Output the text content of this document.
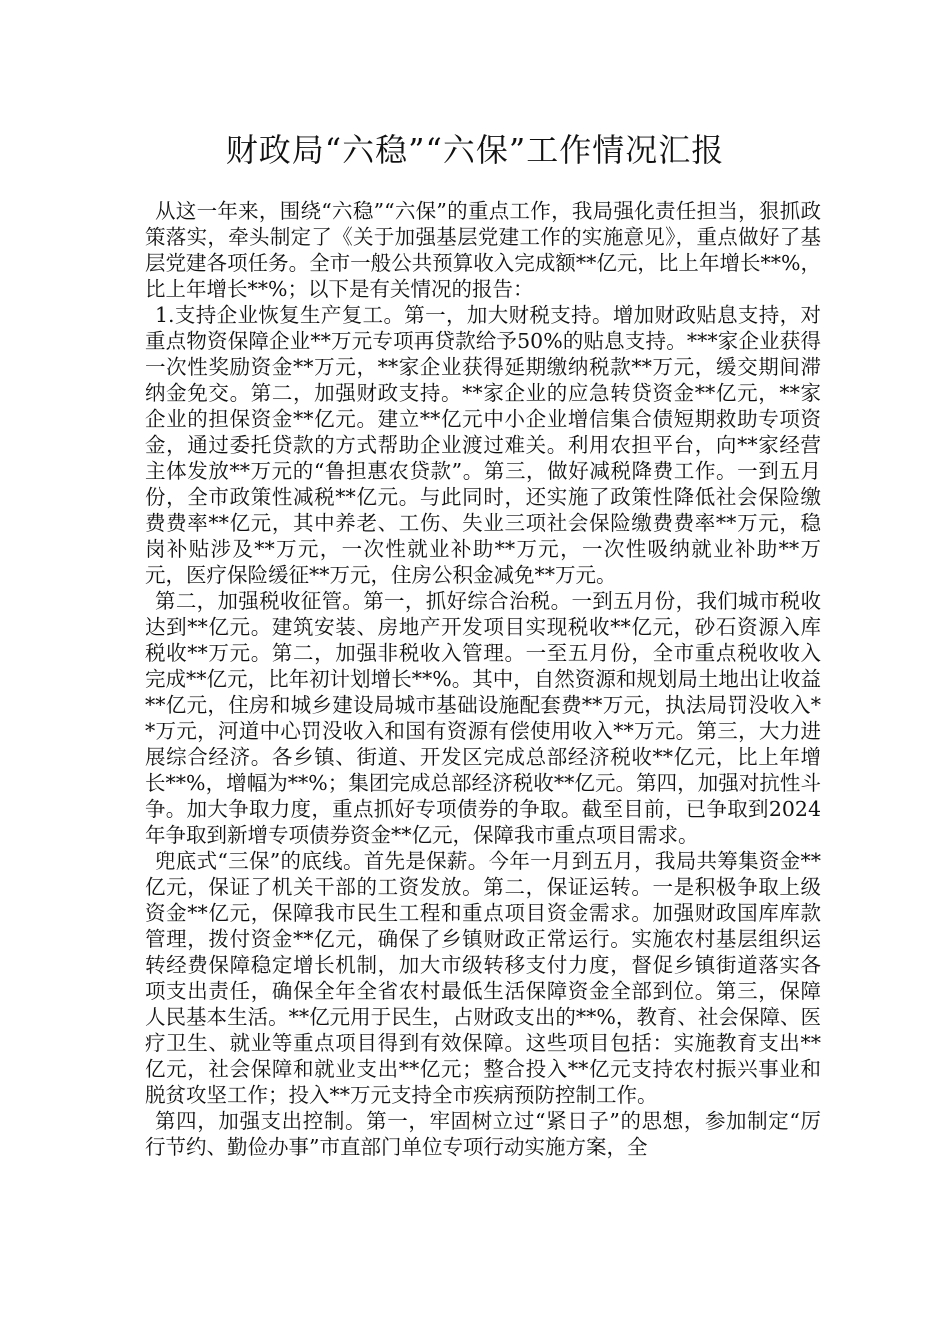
财政局“六稳”“六保”工作情况汇报

从这一年来，围绕“六稳”“六保”的重点工作，我局强化责任担当，狠抓政策落实，牵头制定了《关于加强基层党建工作的实施意见》，重点做好了基层党建各项任务。全市一般公共预算收入完成额**亿元，比上年增长**%，比上年增长**%；以下是有关情况的报告：

1.支持企业恢复生产复工。第一，加大财税支持。增加财政贴息支持，对重点物资保障企业**万元专项再贷款给予50%的贴息支持。***家企业获得一次性奖励资金**万元，**家企业获得延期缴纳税款**万元，缓交期间滞纳金免交。第二，加强财政支持。**家企业的应急转贷资金**亿元，**家企业的担保资金**亿元。建立**亿元中小企业增信集合债短期救助专项资金，通过委托贷款的方式帮助企业渡过难关。利用农担平台，向**家经营主体发放**万元的“鲁担惠农贷款”。第三，做好减税降费工作。一到五月份，全市政策性减税**亿元。与此同时，还实施了政策性降低社会保险缴费费率**亿元，其中养老、工伤、失业三项社会保险缴费费率**万元，稳岗补贴涉及**万元，一次性就业补助**万元，一次性吸纳就业补助**万元，医疗保险缓征**万元，住房公积金减免**万元。

第二，加强税收征管。第一，抓好综合治税。一到五月份，我们城市税收达到**亿元。建筑安装、房地产开发项目实现税收**亿元，砂石资源入库税收**万元。第二，加强非税收入管理。一至五月份，全市重点税收收入完成**亿元，比年初计划增长**%。其中，自然资源和规划局土地出让收益**亿元，住房和城乡建设局城市基础设施配套费**万元，执法局罚没收入**万元，河道中心罚没收入和国有资源有偿使用收入**万元。第三，大力进展综合经济。各乡镇、街道、开发区完成总部经济税收**亿元，比上年增长**%，增幅为**%；集团完成总部经济税收**亿元。第四，加强对抗性斗争。加大争取力度，重点抓好专项债券的争取。截至目前，已争取到2024年争取到新增专项债券资金**亿元，保障我市重点项目需求。

兜底式“三保”的底线。首先是保薪。今年一月到五月，我局共筹集资金**亿元，保证了机关干部的工资发放。第二，保证运转。一是积极争取上级资金**亿元，保障我市民生工程和重点项目资金需求。加强财政国库库款管理，拨付资金**亿元，确保了乡镇财政正常运行。实施农村基层组织运转经费保障稳定增长机制，加大市级转移支付力度，督促乡镇街道落实各项支出责任，确保全年全省农村最低生活保障资金全部到位。第三，保障人民基本生活。**亿元用于民生，占财政支出的**%，教育、社会保障、医疗卫生、就业等重点项目得到有效保障。这些项目包括：实施教育支出**亿元，社会保障和就业支出**亿元；整合投入**亿元支持农村振兴事业和脱贫攻坚工作；投入**万元支持全市疾病预防控制工作。

第四，加强支出控制。第一，牢固树立过“紧日子”的思想，参加制定“厉行节约、勤俭办事”市直部门单位专项行动实施方案，全
